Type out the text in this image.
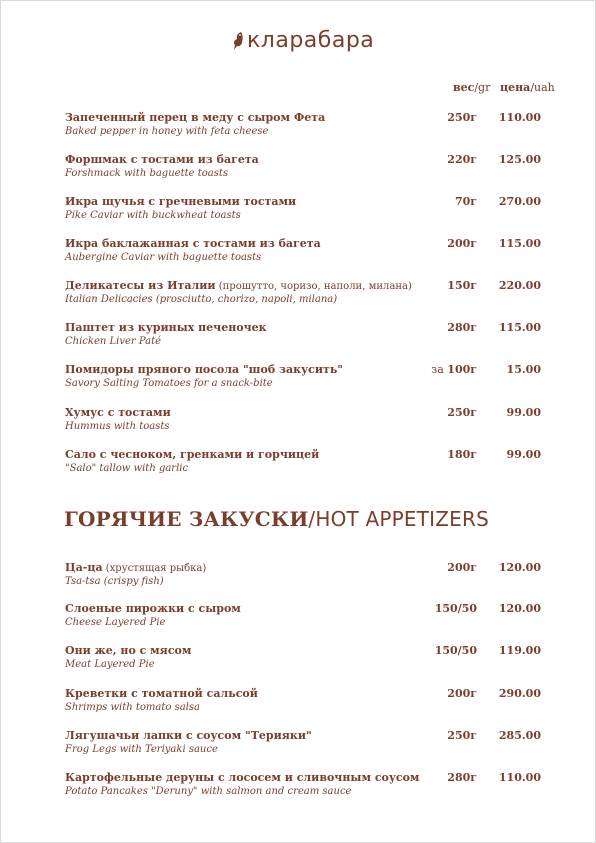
кларабара
вес/gr цена/uah
Запеченный перец в меду с сыром Фета
Baked pepper in honey with feta cheese
250г 110.00
Форшмак с тостами из багета
Forshmack with baguette toasts
220г 125.00
Икра щучья с гречневыми тостами
Pike Caviar with buckwheat toasts
70г 270.00
Икра баклажанная с тостами из багета
Aubergine Caviar with baguette toasts
200г 115.00
Деликатесы из Италии (прошутто, чоризо, наполи, милана)
Italian Delicacies (prosciutto, chorizo, napoli, milana)
150г 220.00
Паштет из куриных печеночек
Chicken Liver Paté
280г 115.00
Помидоры пряного посола "шоб закусить"
Savory Salting Tomatoes for a snack-bite
за 100г	15.00
Хумус с тостами
Hummus with toasts
250г	99.00
Сало с чесноком, гренками и горчицей
"Salo" tallow with garlic
180г	99.00
ГОРЯЧИЕ ЗАКУСКИ/HOT APPETIZERS
Ца-ца (хрустящая рыбка)
Tsa-tsa (crispy fish)
200г 120.00
Слоеные пирожки с сыром
Cheese Layered Pie
150/50 120.00
Они же, но с мясом
Meat Layered Pie
150/50 119.00
Креветки с томатной сальсой
Shrimps with tomato salsa
200г 290.00
Лягушачьи лапки с соусом "Терияки"
Frog Legs with Teriyaki sauce
250г 285.00
Картофельные деруны с лососем и сливочным соусом
Potato Pancakes "Deruny" with salmon and cream sauce
280г 110.00
